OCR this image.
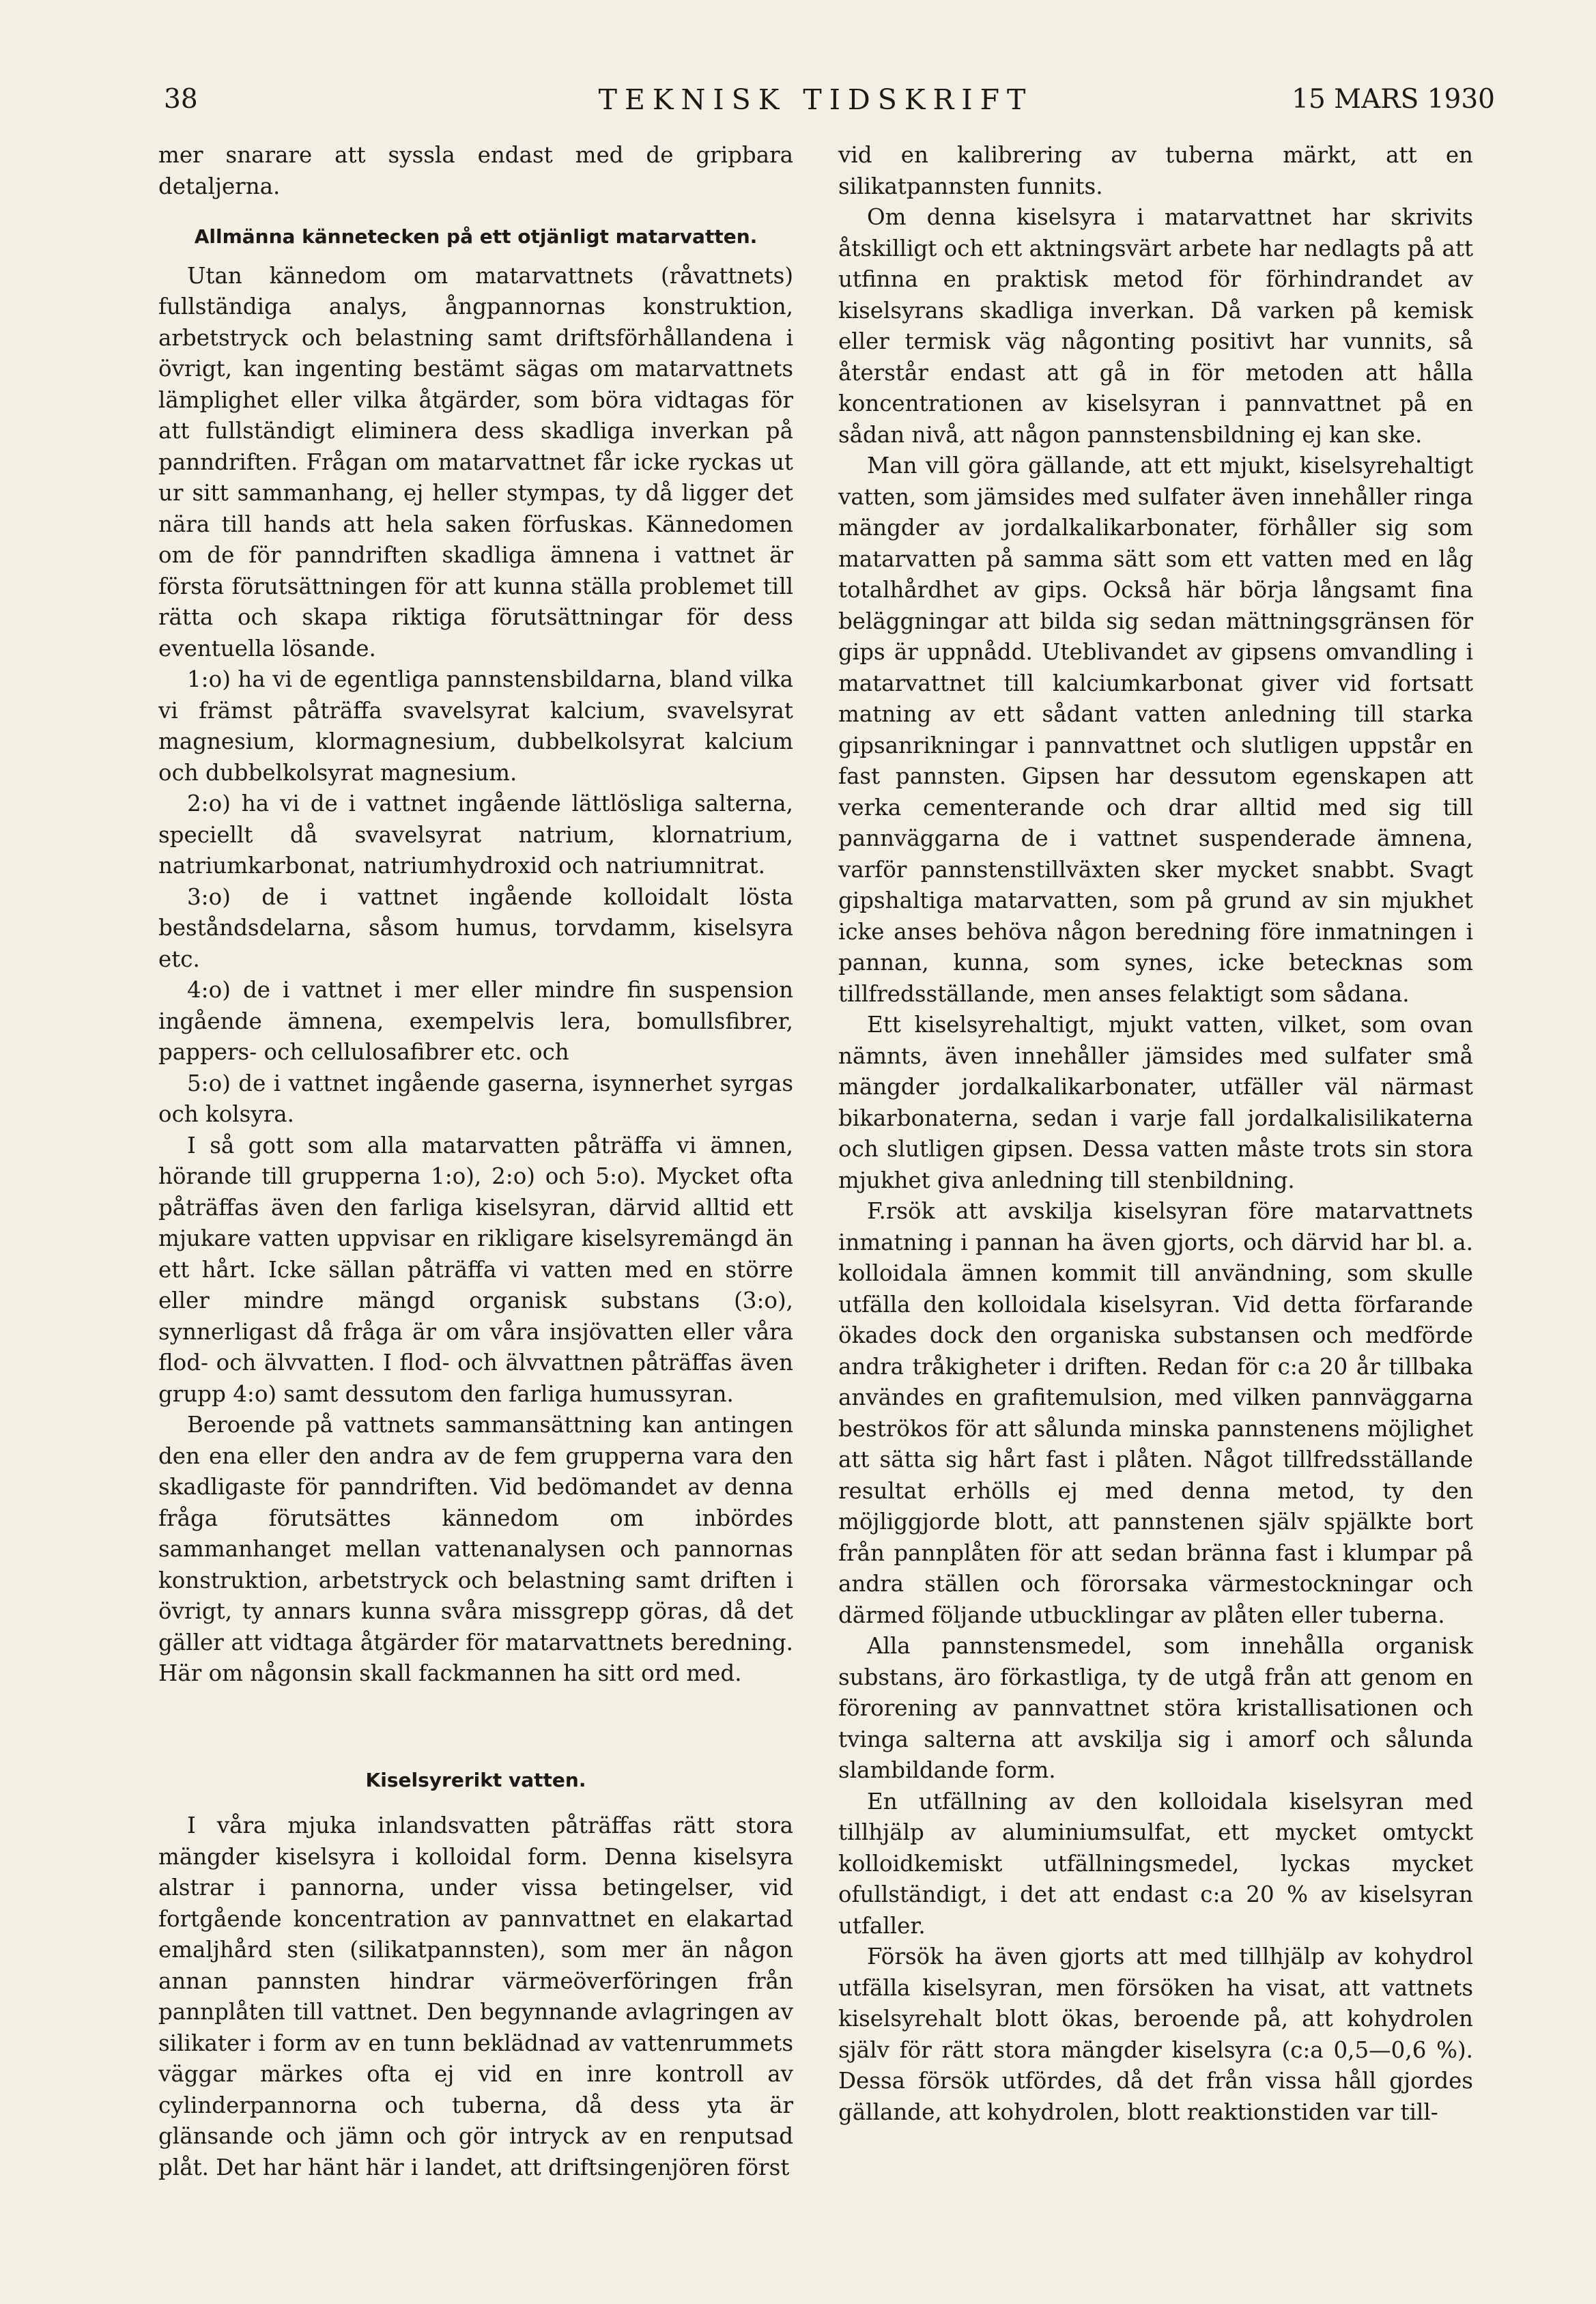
38	TEKNISK TIDSKRIFT	15 MARS 1930

mer snarare att syssla endast med de gripbara detaljerna.

Allmänna kännetecken på ett otjänligt matarvatten.

Utan kännedom om matarvattnets (råvattnets) fullständiga analys, ångpannornas konstruktion, arbetstryck och belastning samt driftsförhållandena i övrigt, kan ingenting bestämt sägas om matarvattnets lämplighet eller vilka åtgärder, som böra vidtagas för att fullständigt eliminera dess skadliga inverkan på panndriften. Frågan om matarvattnet får icke ryckas ut ur sitt sammanhang, ej heller stympas, ty då ligger det nära till hands att hela saken förfuskas. Kännedomen om de för panndriften skadliga ämnena i vattnet är första förutsättningen för att kunna ställa problemet till rätta och skapa riktiga förutsättningar för dess eventuella lösande.

1:o) ha vi de egentliga pannstensbildarna, bland vilka vi främst påträffa svavelsyrat kalcium, svavelsyrat magnesium, klormagnesium, dubbelkolsyrat kalcium och dubbelkolsyrat magnesium.

2:o) ha vi de i vattnet ingående lättlösliga salterna, speciellt då svavelsyrat natrium, klornatrium, natriumkarbonat, natriumhydroxid och natriumnitrat.

3:o) de i vattnet ingående kolloidalt lösta beståndsdelarna, såsom humus, torvdamm, kiselsyra etc.

4:o) de i vattnet i mer eller mindre fin suspension ingående ämnena, exempelvis lera, bomullsfibrer, pappers- och cellulosafibrer etc. och

5:o) de i vattnet ingående gaserna, isynnerhet syrgas och kolsyra.

I så gott som alla matarvatten påträffa vi ämnen, hörande till grupperna 1:o), 2:o) och 5:o). Mycket ofta påträffas även den farliga kiselsyran, därvid alltid ett mjukare vatten uppvisar en rikligare kiselsyremängd än ett hårt. Icke sällan påträffa vi vatten med en större eller mindre mängd organisk substans (3:o), synnerligast då fråga är om våra insjövatten eller våra flod- och älvvatten. I flod- och älvvattnen påträffas även grupp 4:o) samt dessutom den farliga humussyran.

Beroende på vattnets sammansättning kan antingen den ena eller den andra av de fem grupperna vara den skadligaste för panndriften. Vid bedömandet av denna fråga förutsättes kännedom om inbördes sammanhanget mellan vattenanalysen och pannornas konstruktion, arbetstryck och belastning samt driften i övrigt, ty annars kunna svåra missgrepp göras, då det gäller att vidtaga åtgärder för matarvattnets beredning. Här om någonsin skall fackmannen ha sitt ord med.

Kiselsyrerikt vatten.

I våra mjuka inlandsvatten påträffas rätt stora mängder kiselsyra i kolloidal form. Denna kiselsyra alstrar i pannorna, under vissa betingelser, vid fortgående koncentration av pannvattnet en elakartad emaljhård sten (silikatpannsten), som mer än någon annan pannsten hindrar värmeöverföringen från pannplåten till vattnet. Den begynnande avlagringen av silikater i form av en tunn beklädnad av vattenrummets väggar märkes ofta ej vid en inre kontroll av cylinderpannorna och tuberna, då dess yta är glänsande och jämn och gör intryck av en renputsad plåt. Det har hänt här i landet, att driftsingenjören först

vid en kalibrering av tuberna märkt, att en silikatpannsten funnits.

Om denna kiselsyra i matarvattnet har skrivits åtskilligt och ett aktningsvärt arbete har nedlagts på att utfinna en praktisk metod för förhindrandet av kiselsyrans skadliga inverkan. Då varken på kemisk eller termisk väg någonting positivt har vunnits, så återstår endast att gå in för metoden att hålla koncentrationen av kiselsyran i pannvattnet på en sådan nivå, att någon pannstensbildning ej kan ske.

Man vill göra gällande, att ett mjukt, kiselsyrehaltigt vatten, som jämsides med sulfater även innehåller ringa mängder av jordalkalikarbonater, förhåller sig som matarvatten på samma sätt som ett vatten med en låg totalhårdhet av gips. Också här börja långsamt fina beläggningar att bilda sig sedan mättningsgränsen för gips är uppnådd. Uteblivandet av gipsens omvandling i matarvattnet till kalciumkarbonat giver vid fortsatt matning av ett sådant vatten anledning till starka gipsanrikningar i pannvattnet och slutligen uppstår en fast pannsten. Gipsen har dessutom egenskapen att verka cementerande och drar alltid med sig till pannväggarna de i vattnet suspenderade ämnena, varför pannstenstillväxten sker mycket snabbt. Svagt gipshaltiga matarvatten, som på grund av sin mjukhet icke anses behöva någon beredning före inmatningen i pannan, kunna, som synes, icke betecknas som tillfredsställande, men anses felaktigt som sådana.

Ett kiselsyrehaltigt, mjukt vatten, vilket, som ovan nämnts, även innehåller jämsides med sulfater små mängder jordalkalikarbonater, utfäller väl närmast bikarbonaterna, sedan i varje fall jordalkalisilikaterna och slutligen gipsen. Dessa vatten måste trots sin stora mjukhet giva anledning till stenbildning.

F.rsök att avskilja kiselsyran före matarvattnets inmatning i pannan ha även gjorts, och därvid har bl. a. kolloidala ämnen kommit till användning, som skulle utfälla den kolloidala kiselsyran. Vid detta förfarande ökades dock den organiska substansen och medförde andra tråkigheter i driften. Redan för c:a 20 år tillbaka användes en grafitemulsion, med vilken pannväggarna beströkos för att sålunda minska pannstenens möjlighet att sätta sig hårt fast i plåten. Något tillfredsställande resultat erhölls ej med denna metod, ty den möjliggjorde blott, att pannstenen själv spjälkte bort från pannplåten för att sedan bränna fast i klumpar på andra ställen och förorsaka värmestockningar och därmed följande utbucklingar av plåten eller tuberna.

Alla pannstensmedel, som innehålla organisk substans, äro förkastliga, ty de utgå från att genom en förorening av pannvattnet störa kristallisationen och tvinga salterna att avskilja sig i amorf och sålunda slambildande form.

En utfällning av den kolloidala kiselsyran med tillhjälp av aluminiumsulfat, ett mycket omtyckt kolloidkemiskt utfällningsmedel, lyckas mycket ofullständigt, i det att endast c:a 20 % av kiselsyran utfaller.

Försök ha även gjorts att med tillhjälp av kohydrol utfälla kiselsyran, men försöken ha visat, att vattnets kiselsyrehalt blott ökas, beroende på, att kohydrolen själv för rätt stora mängder kiselsyra (c:a 0,5—0,6 %). Dessa försök utfördes, då det från vissa håll gjordes gällande, att kohydrolen, blott reaktionstiden var till-
